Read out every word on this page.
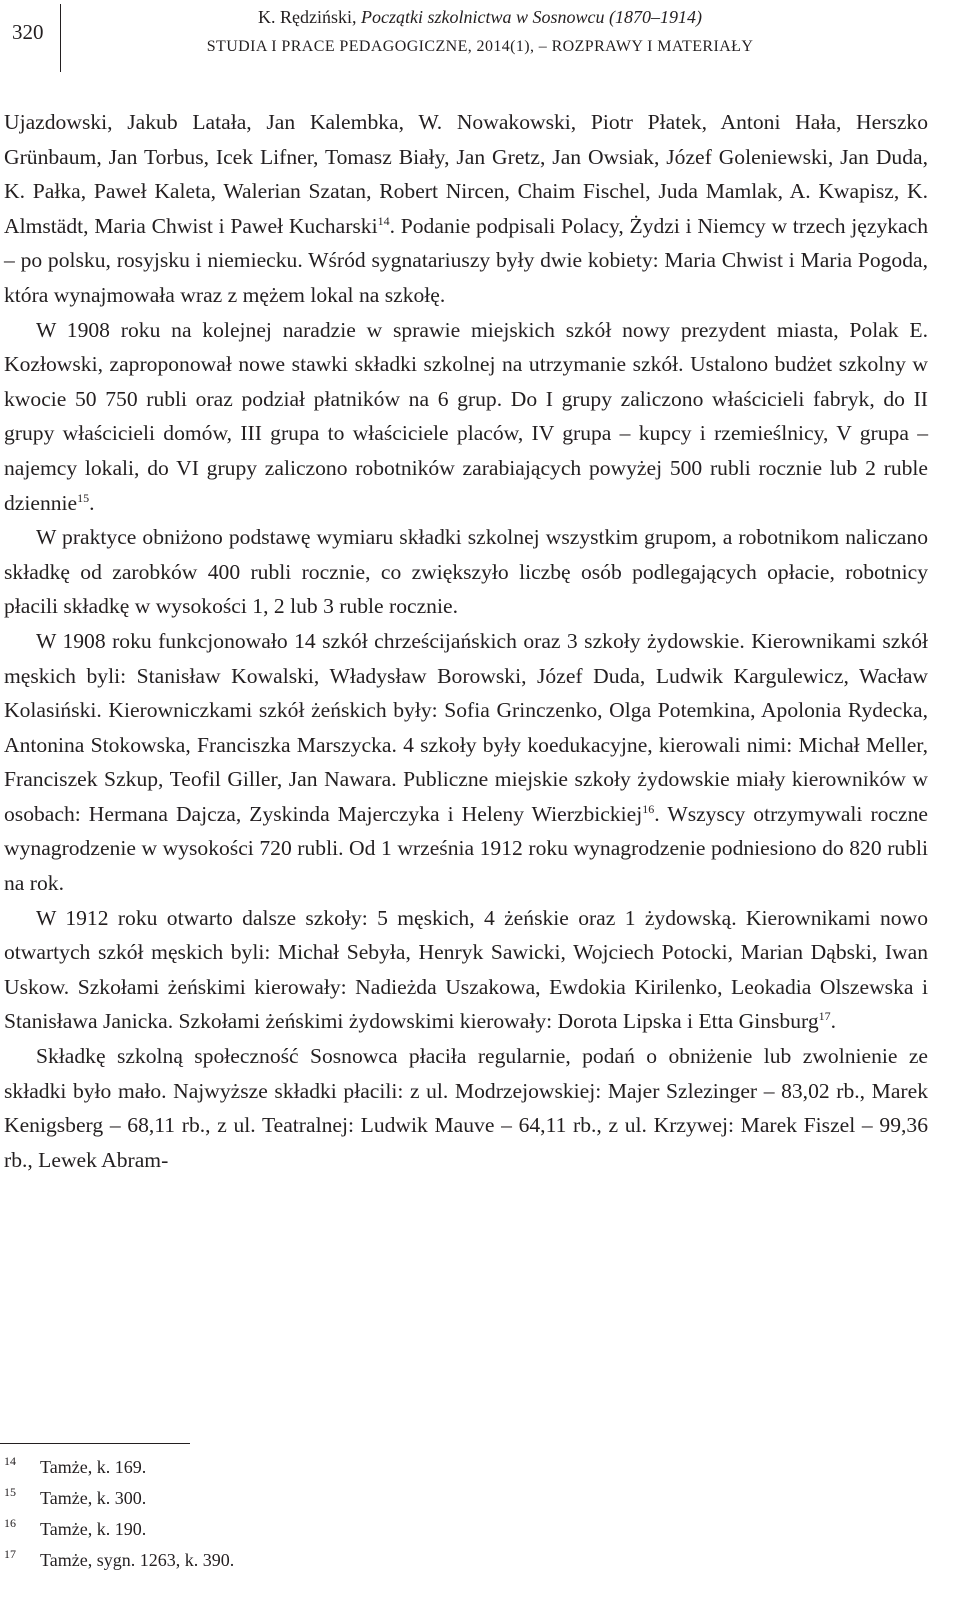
320
K. Rędziński, Początki szkolnictwa w Sosnowcu (1870–1914)
STUDIA I PRACE PEDAGOGICZNE, 2014(1), – ROZPRAWY I MATERIAŁY

Ujazdowski, Jakub Latała, Jan Kalembka, W. Nowakowski, Piotr Płatek, Antoni Hała, Herszko Grünbaum, Jan Torbus, Icek Lifner, Tomasz Biały, Jan Gretz, Jan Owsiak, Józef Goleniewski, Jan Duda, K. Pałka, Paweł Kaleta, Walerian Szatan, Robert Nircen, Chaim Fischel, Juda Mamlak, A. Kwapisz, K. Almstädt, Maria Chwist i Paweł Kucharski$^{14}$. Podanie podpisali Polacy, Żydzi i Niemcy w trzech językach – po polsku, rosyjsku i niemiecku. Wśród sygnatariuszy były dwie kobiety: Maria Chwist i Maria Pogoda, która wynajmowała wraz z mężem lokal na szkołę.

W 1908 roku na kolejnej naradzie w sprawie miejskich szkół nowy prezydent miasta, Polak E. Kozłowski, zaproponował nowe stawki składki szkolnej na utrzymanie szkół. Ustalono budżet szkolny w kwocie 50 750 rubli oraz podział płatników na 6 grup. Do I grupy zaliczono właścicieli fabryk, do II grupy właścicieli domów, III grupa to właściciele placów, IV grupa – kupcy i rzemieślnicy, V grupa – najemcy lokali, do VI grupy zaliczono robotników zarabiających powyżej 500 rubli rocznie lub 2 ruble dziennie$^{15}$.

W praktyce obniżono podstawę wymiaru składki szkolnej wszystkim grupom, a robotnikom naliczano składkę od zarobków 400 rubli rocznie, co zwiększyło liczbę osób podlegających opłacie, robotnicy płacili składkę w wysokości 1, 2 lub 3 ruble rocznie.

W 1908 roku funkcjonowało 14 szkół chrześcijańskich oraz 3 szkoły żydowskie. Kierownikami szkół męskich byli: Stanisław Kowalski, Władysław Borowski, Józef Duda, Ludwik Kargulewicz, Wacław Kolasiński. Kierowniczkami szkół żeńskich były: Sofia Grinczenko, Olga Potemkina, Apolonia Rydecka, Antonina Stokowska, Franciszka Marszycka. 4 szkoły były koedukacyjne, kierowali nimi: Michał Meller, Franciszek Szkup, Teofil Giller, Jan Nawara. Publiczne miejskie szkoły żydowskie miały kierowników w osobach: Hermana Dajcza, Zyskinda Majerczyka i Heleny Wierzbickiej$^{16}$. Wszyscy otrzymywali roczne wynagrodzenie w wysokości 720 rubli. Od 1 września 1912 roku wynagrodzenie podniesiono do 820 rubli na rok.

W 1912 roku otwarto dalsze szkoły: 5 męskich, 4 żeńskie oraz 1 żydowską. Kierownikami nowo otwartych szkół męskich byli: Michał Sebyła, Henryk Sawicki, Wojciech Potocki, Marian Dąbski, Iwan Uskow. Szkołami żeńskimi kierowały: Nadieżda Uszakowa, Ewdokia Kirilenko, Leokadia Olszewska i Stanisława Janicka. Szkołami żeńskimi żydowskimi kierowały: Dorota Lipska i Etta Ginsburg$^{17}$.

Składkę szkolną społeczność Sosnowca płaciła regularnie, podań o obniżenie lub zwolnienie ze składki było mało. Najwyższe składki płacili: z ul. Modrzejowskiej: Majer Szlezinger – 83,02 rb., Marek Kenigsberg – 68,11 rb., z ul. Teatralnej: Ludwik Mauve – 64,11 rb., z ul. Krzywej: Marek Fiszel – 99,36 rb., Lewek Abram-

14 Tamże, k. 169.
15 Tamże, k. 300.
16 Tamże, k. 190.
17 Tamże, sygn. 1263, k. 390.
